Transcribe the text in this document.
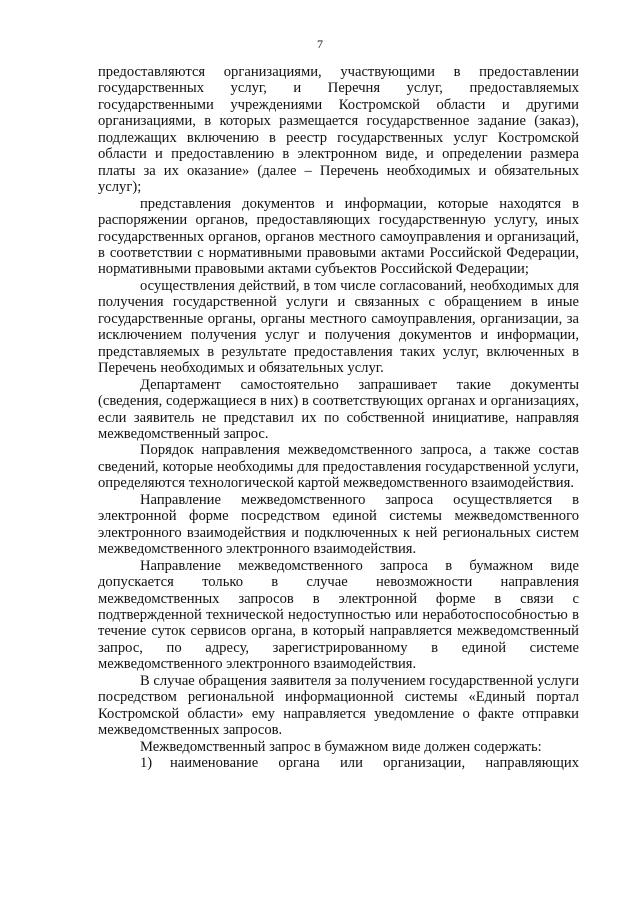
7

предоставляются организациями, участвующими в предоставлении государственных услуг, и Перечня услуг, предоставляемых государственными учреждениями Костромской области и другими организациями, в которых размещается государственное задание (заказ), подлежащих включению в реестр государственных услуг Костромской области и предоставлению в электронном виде, и определении размера платы за их оказание» (далее – Перечень необходимых и обязательных услуг);

представления документов и информации, которые находятся в распоряжении органов, предоставляющих государственную услугу, иных государственных органов, органов местного самоуправления и организаций, в соответствии с нормативными правовыми актами Российской Федерации, нормативными правовыми актами субъектов Российской Федерации;

осуществления действий, в том числе согласований, необходимых для получения государственной услуги и связанных с обращением в иные государственные органы, органы местного самоуправления, организации, за исключением получения услуг и получения документов и информации, представляемых в результате предоставления таких услуг, включенных в Перечень необходимых и обязательных услуг.

Департамент самостоятельно запрашивает такие документы (сведения, содержащиеся в них) в соответствующих органах и организациях, если заявитель не представил их по собственной инициативе, направляя межведомственный запрос.

Порядок направления межведомственного запроса, а также состав сведений, которые необходимы для предоставления государственной услуги, определяются технологической картой межведомственного взаимодействия.

Направление межведомственного запроса осуществляется в электронной форме посредством единой системы межведомственного электронного взаимодействия и подключенных к ней региональных систем межведомственного электронного взаимодействия.

Направление межведомственного запроса в бумажном виде допускается только в случае невозможности направления межведомственных запросов в электронной форме в связи с подтвержденной технической недоступностью или неработоспособностью в течение суток сервисов органа, в который направляется межведомственный запрос, по адресу, зарегистрированному в единой системе межведомственного электронного взаимодействия.

В случае обращения заявителя за получением государственной услуги посредством региональной информационной системы «Единый портал Костромской области» ему направляется уведомление о факте отправки межведомственных запросов.

Межведомственный запрос в бумажном виде должен содержать:

1) наименование органа или организации, направляющих
